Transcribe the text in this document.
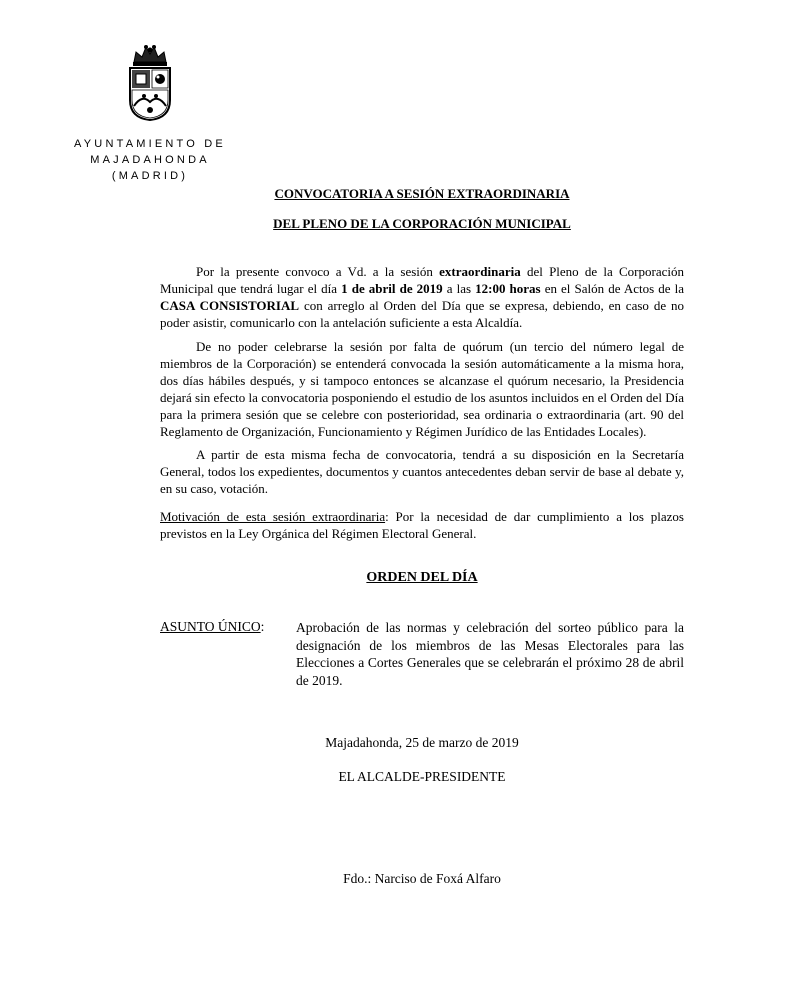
AYUNTAMIENTO DE
MAJADAHONDA
(MADRID)
CONVOCATORIA A SESIÓN EXTRAORDINARIA
DEL PLENO DE LA CORPORACIÓN MUNICIPAL
Por la presente convoco a Vd. a la sesión extraordinaria del Pleno de la Corporación Municipal que tendrá lugar el día 1 de abril de 2019 a las 12:00 horas en el Salón de Actos de la CASA CONSISTORIAL con arreglo al Orden del Día que se expresa, debiendo, en caso de no poder asistir, comunicarlo con la antelación suficiente a esta Alcaldía.
De no poder celebrarse la sesión por falta de quórum (un tercio del número legal de miembros de la Corporación) se entenderá convocada la sesión automáticamente a la misma hora, dos días hábiles después, y si tampoco entonces se alcanzase el quórum necesario, la Presidencia dejará sin efecto la convocatoria posponiendo el estudio de los asuntos incluidos en el Orden del Día para la primera sesión que se celebre con posterioridad, sea ordinaria o extraordinaria (art. 90 del Reglamento de Organización, Funcionamiento y Régimen Jurídico de las Entidades Locales).
A partir de esta misma fecha de convocatoria, tendrá a su disposición en la Secretaría General, todos los expedientes, documentos y cuantos antecedentes deban servir de base al debate y, en su caso, votación.
Motivación de esta sesión extraordinaria: Por la necesidad de dar cumplimiento a los plazos previstos en la Ley Orgánica del Régimen Electoral General.
ORDEN DEL DÍA
ASUNTO ÚNICO: Aprobación de las normas y celebración del sorteo público para la designación de los miembros de las Mesas Electorales para las Elecciones a Cortes Generales que se celebrarán el próximo 28 de abril de 2019.
Majadahonda, 25 de marzo de 2019
EL ALCALDE-PRESIDENTE
Fdo.: Narciso de Foxá Alfaro
